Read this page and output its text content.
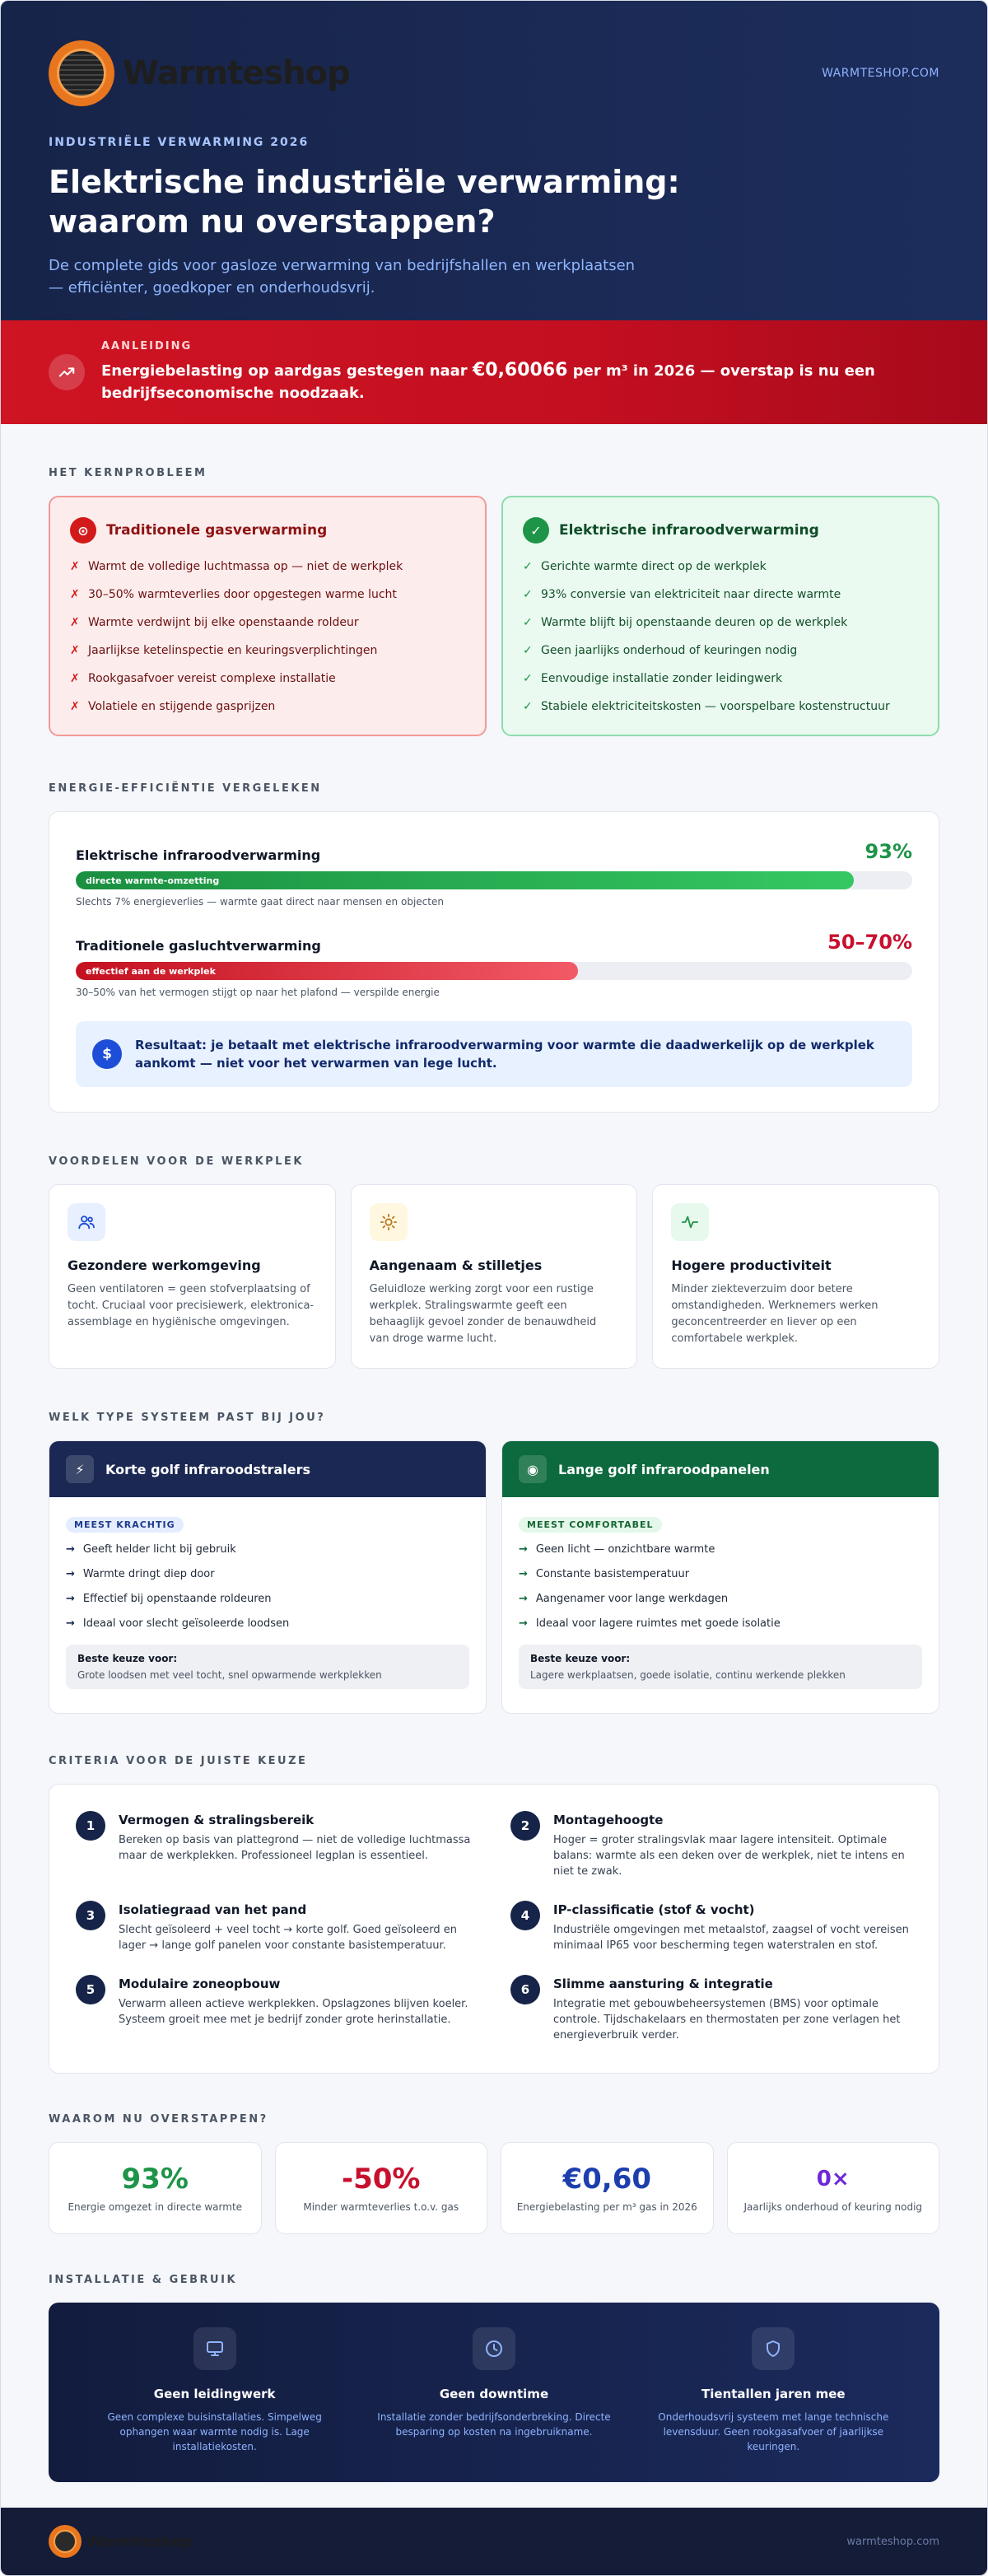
Warmteshop	WARMTESHOP.COM
INDUSTRIËLE VERWARMING 2026
Elektrische industriële verwarming: waarom nu overstappen?

De complete gids voor gasloze verwarming van bedrijfshallen en werkplaatsen — efficiënter, goedkoper en onderhoudsvrij.

AANLEIDING
Energiebelasting op aardgas gestegen naar €0,60066 per m³ in 2026 — overstap is nu een bedrijfseconomische noodzaak.
HET KERNPROBLEEM
⊙	Traditionele gasverwarming
✗ Warmt de volledige luchtmassa op — niet de werkplek
✗ 30–50% warmteverlies door opgestegen warme lucht
✗ Warmte verdwijnt bij elke openstaande roldeur
✗ Jaarlijkse ketelinspectie en keuringsverplichtingen
✗ Rookgasafvoer vereist complexe installatie
✗ Volatiele en stijgende gasprijzen
✓	Elektrische infraroodverwarming
✓ Gerichte warmte direct op de werkplek
✓ 93% conversie van elektriciteit naar directe warmte
✓ Warmte blijft bij openstaande deuren op de werkplek
✓ Geen jaarlijks onderhoud of keuringen nodig
✓ Eenvoudige installatie zonder leidingwerk
✓ Stabiele elektriciteitskosten — voorspelbare kostenstructuur
ENERGIE-EFFICIËNTIE VERGELEKEN
Elektrische infraroodverwarming	93%
directe warmte-omzetting
Slechts 7% energieverlies — warmte gaat direct naar mensen en objecten
Traditionele gasluchtverwarming	50–70%
effectief aan de werkplek
30–50% van het vermogen stijgt op naar het plafond — verspilde energie
$
Resultaat: je betaalt met elektrische infraroodverwarming voor warmte die daadwerkelijk op de werkplek aankomt — niet voor het verwarmen van lege lucht.
VOORDELEN VOOR DE WERKPLEK
Gezondere werkomgeving
Geen ventilatoren = geen stofverplaatsing of tocht. Cruciaal voor precisiewerk, elektronica-assemblage en hygiënische omgevingen.
Aangenaam & stilletjes
Geluidloze werking zorgt voor een rustige werkplek. Stralingswarmte geeft een behaaglijk gevoel zonder de benauwdheid van droge warme lucht.
Hogere productiviteit
Minder ziekteverzuim door betere omstandigheden. Werknemers werken geconcentreerder en liever op een comfortabele werkplek.
WELK TYPE SYSTEEM PAST BIJ JOU?
⚡	Korte golf infraroodstralers
MEEST KRACHTIG
→ Geeft helder licht bij gebruik
→ Warmte dringt diep door
→ Effectief bij openstaande roldeuren
→ Ideaal voor slecht geïsoleerde loodsen
Beste keuze voor:
Grote loodsen met veel tocht, snel opwarmende werkplekken
◉	Lange golf infraroodpanelen
MEEST COMFORTABEL
→ Geen licht — onzichtbare warmte
→ Constante basistemperatuur
→ Aangenamer voor lange werkdagen
→ Ideaal voor lagere ruimtes met goede isolatie
Beste keuze voor:
Lagere werkplaatsen, goede isolatie, continu werkende plekken
CRITERIA VOOR DE JUISTE KEUZE
1	Vermogen & stralingsbereik
Bereken op basis van plattegrond — niet de volledige luchtmassa maar de werkplekken. Professioneel legplan is essentieel.
2	Montagehoogte
Hoger = groter stralingsvlak maar lagere intensiteit. Optimale balans: warmte als een deken over de werkplek, niet te intens en niet te zwak.
3	Isolatiegraad van het pand
Slecht geïsoleerd + veel tocht → korte golf. Goed geïsoleerd en lager → lange golf panelen voor constante basistemperatuur.
4	IP-classificatie (stof & vocht)
Industriële omgevingen met metaalstof, zaagsel of vocht vereisen minimaal IP65 voor bescherming tegen waterstralen en stof.
5	Modulaire zoneopbouw
Verwarm alleen actieve werkplekken. Opslagzones blijven koeler. Systeem groeit mee met je bedrijf zonder grote herinstallatie.
6	Slimme aansturing & integratie
Integratie met gebouwbeheersystemen (BMS) voor optimale controle. Tijdschakelaars en thermostaten per zone verlagen het energieverbruik verder.
WAAROM NU OVERSTAPPEN?
93%
Energie omgezet in directe warmte
-50%
Minder warmteverlies t.o.v. gas
€0,60
Energiebelasting per m³ gas in 2026
0×
Jaarlijks onderhoud of keuring nodig
INSTALLATIE & GEBRUIK
Geen leidingwerk
Geen complexe buisinstallaties. Simpelweg ophangen waar warmte nodig is. Lage installatiekosten.
Geen downtime
Installatie zonder bedrijfsonderbreking. Directe besparing op kosten na ingebruikname.
Tientallen jaren mee
Onderhoudsvrij systeem met lange technische levensduur. Geen rookgasafvoer of jaarlijkse keuringen.
Warmteshop	warmteshop.com
